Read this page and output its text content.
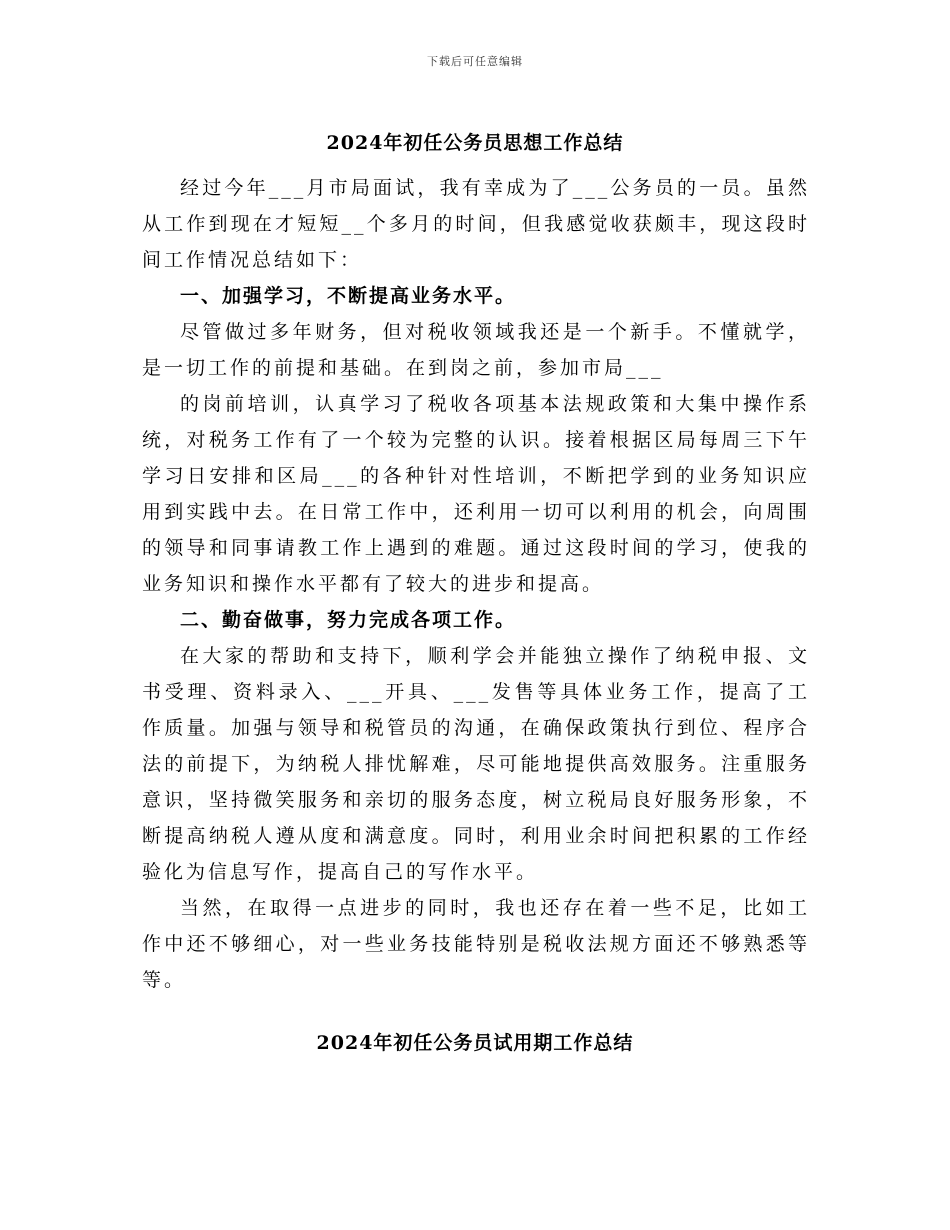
下载后可任意编辑
2024年初任公务员思想工作总结

经过今年___月市局面试，我有幸成为了___公务员的一员。虽然从工作到现在才短短__个多月的时间，但我感觉收获颇丰，现这段时间工作情况总结如下：

一、加强学习，不断提高业务水平。

尽管做过多年财务，但对税收领域我还是一个新手。不懂就学，是一切工作的前提和基础。在到岗之前，参加市局___

的岗前培训，认真学习了税收各项基本法规政策和大集中操作系统，对税务工作有了一个较为完整的认识。接着根据区局每周三下午学习日安排和区局___的各种针对性培训，不断把学到的业务知识应用到实践中去。在日常工作中，还利用一切可以利用的机会，向周围的领导和同事请教工作上遇到的难题。通过这段时间的学习，使我的业务知识和操作水平都有了较大的进步和提高。

二、勤奋做事，努力完成各项工作。

在大家的帮助和支持下，顺利学会并能独立操作了纳税申报、文书受理、资料录入、___开具、___发售等具体业务工作，提高了工作质量。加强与领导和税管员的沟通，在确保政策执行到位、程序合法的前提下，为纳税人排忧解难，尽可能地提供高效服务。注重服务意识，坚持微笑服务和亲切的服务态度，树立税局良好服务形象，不断提高纳税人遵从度和满意度。同时，利用业余时间把积累的工作经验化为信息写作，提高自己的写作水平。

当然，在取得一点进步的同时，我也还存在着一些不足，比如工作中还不够细心，对一些业务技能特别是税收法规方面还不够熟悉等等。

2024年初任公务员试用期工作总结
